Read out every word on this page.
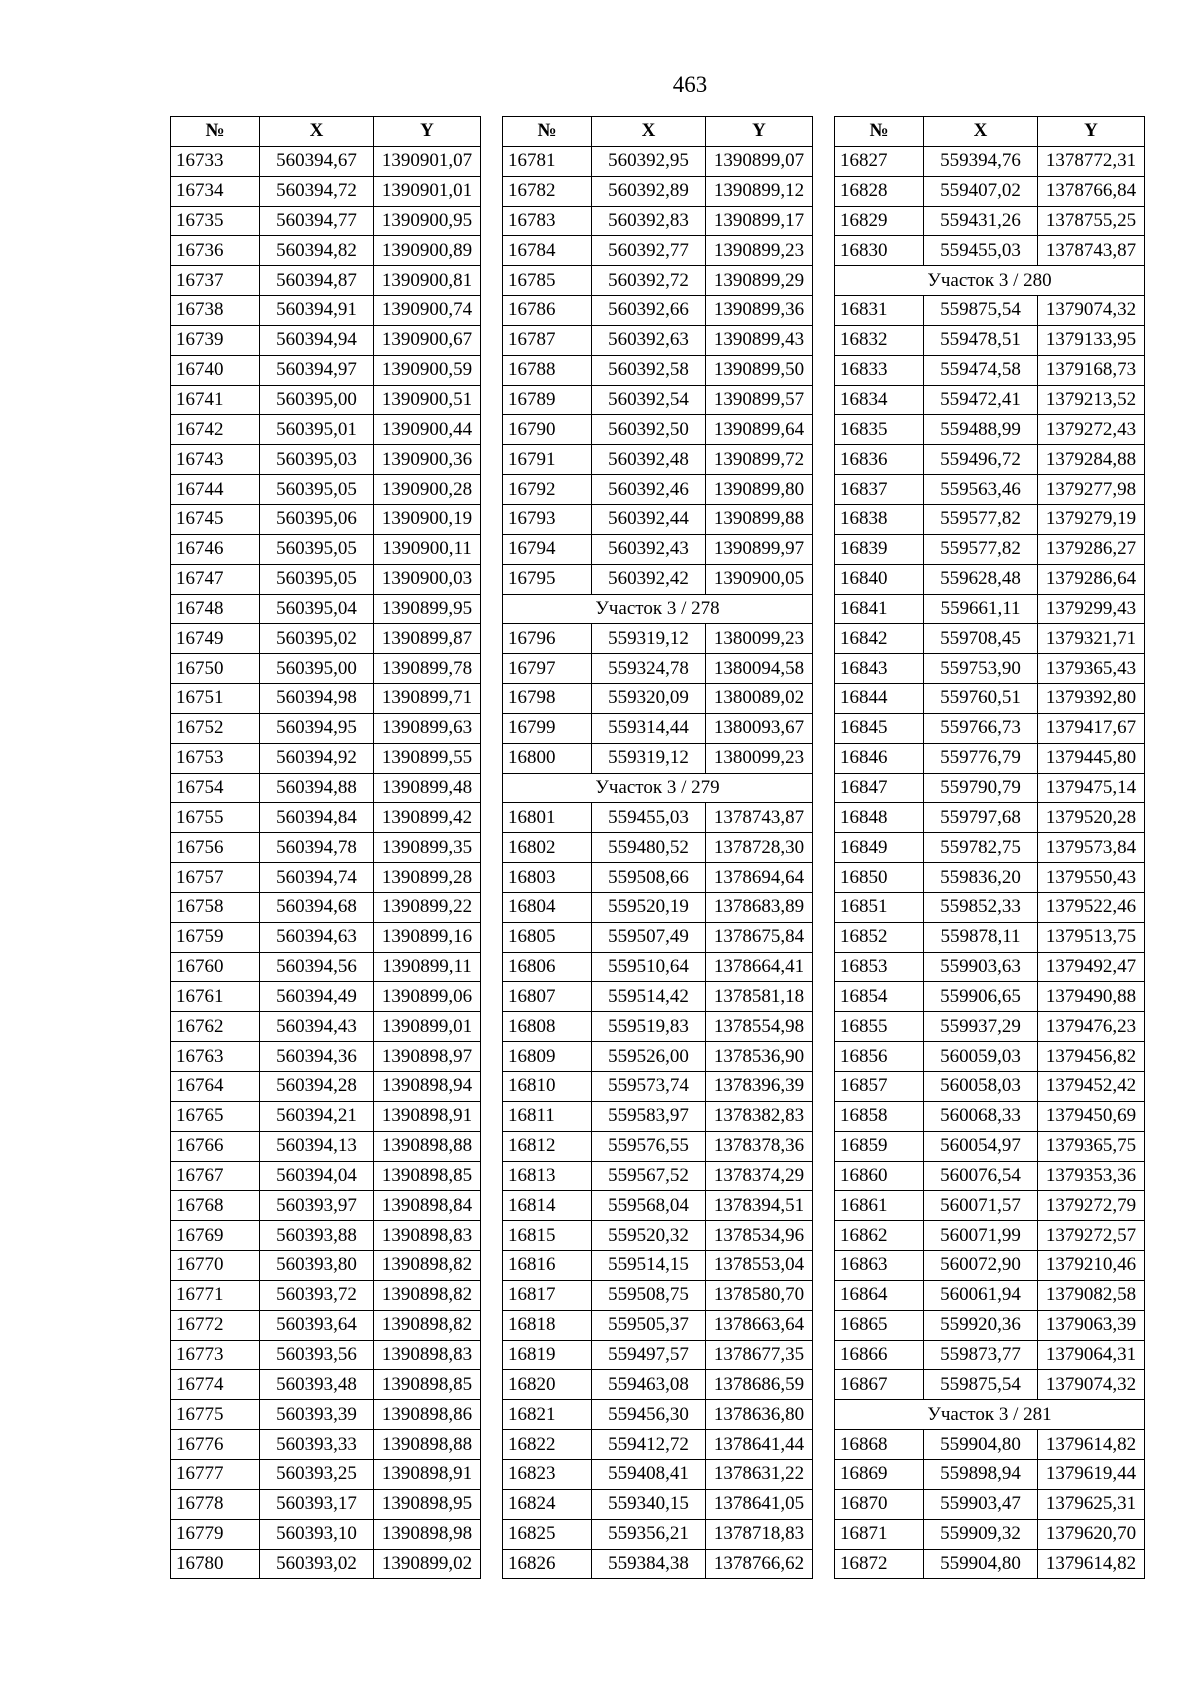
463
№	X	Y
16733	560394,67	1390901,07
16734	560394,72	1390901,01
16735	560394,77	1390900,95
16736	560394,82	1390900,89
16737	560394,87	1390900,81
16738	560394,91	1390900,74
16739	560394,94	1390900,67
16740	560394,97	1390900,59
16741	560395,00	1390900,51
16742	560395,01	1390900,44
16743	560395,03	1390900,36
16744	560395,05	1390900,28
16745	560395,06	1390900,19
16746	560395,05	1390900,11
16747	560395,05	1390900,03
16748	560395,04	1390899,95
16749	560395,02	1390899,87
16750	560395,00	1390899,78
16751	560394,98	1390899,71
16752	560394,95	1390899,63
16753	560394,92	1390899,55
16754	560394,88	1390899,48
16755	560394,84	1390899,42
16756	560394,78	1390899,35
16757	560394,74	1390899,28
16758	560394,68	1390899,22
16759	560394,63	1390899,16
16760	560394,56	1390899,11
16761	560394,49	1390899,06
16762	560394,43	1390899,01
16763	560394,36	1390898,97
16764	560394,28	1390898,94
16765	560394,21	1390898,91
16766	560394,13	1390898,88
16767	560394,04	1390898,85
16768	560393,97	1390898,84
16769	560393,88	1390898,83
16770	560393,80	1390898,82
16771	560393,72	1390898,82
16772	560393,64	1390898,82
16773	560393,56	1390898,83
16774	560393,48	1390898,85
16775	560393,39	1390898,86
16776	560393,33	1390898,88
16777	560393,25	1390898,91
16778	560393,17	1390898,95
16779	560393,10	1390898,98
16780	560393,02	1390899,02
№	X	Y
16781	560392,95	1390899,07
16782	560392,89	1390899,12
16783	560392,83	1390899,17
16784	560392,77	1390899,23
16785	560392,72	1390899,29
16786	560392,66	1390899,36
16787	560392,63	1390899,43
16788	560392,58	1390899,50
16789	560392,54	1390899,57
16790	560392,50	1390899,64
16791	560392,48	1390899,72
16792	560392,46	1390899,80
16793	560392,44	1390899,88
16794	560392,43	1390899,97
16795	560392,42	1390900,05
Участок 3 / 278		
16796	559319,12	1380099,23
16797	559324,78	1380094,58
16798	559320,09	1380089,02
16799	559314,44	1380093,67
16800	559319,12	1380099,23
Участок 3 / 279		
16801	559455,03	1378743,87
16802	559480,52	1378728,30
16803	559508,66	1378694,64
16804	559520,19	1378683,89
16805	559507,49	1378675,84
16806	559510,64	1378664,41
16807	559514,42	1378581,18
16808	559519,83	1378554,98
16809	559526,00	1378536,90
16810	559573,74	1378396,39
16811	559583,97	1378382,83
16812	559576,55	1378378,36
16813	559567,52	1378374,29
16814	559568,04	1378394,51
16815	559520,32	1378534,96
16816	559514,15	1378553,04
16817	559508,75	1378580,70
16818	559505,37	1378663,64
16819	559497,57	1378677,35
16820	559463,08	1378686,59
16821	559456,30	1378636,80
16822	559412,72	1378641,44
16823	559408,41	1378631,22
16824	559340,15	1378641,05
16825	559356,21	1378718,83
16826	559384,38	1378766,62
№	X	Y
16827	559394,76	1378772,31
16828	559407,02	1378766,84
16829	559431,26	1378755,25
16830	559455,03	1378743,87
Участок 3 / 280		
16831	559875,54	1379074,32
16832	559478,51	1379133,95
16833	559474,58	1379168,73
16834	559472,41	1379213,52
16835	559488,99	1379272,43
16836	559496,72	1379284,88
16837	559563,46	1379277,98
16838	559577,82	1379279,19
16839	559577,82	1379286,27
16840	559628,48	1379286,64
16841	559661,11	1379299,43
16842	559708,45	1379321,71
16843	559753,90	1379365,43
16844	559760,51	1379392,80
16845	559766,73	1379417,67
16846	559776,79	1379445,80
16847	559790,79	1379475,14
16848	559797,68	1379520,28
16849	559782,75	1379573,84
16850	559836,20	1379550,43
16851	559852,33	1379522,46
16852	559878,11	1379513,75
16853	559903,63	1379492,47
16854	559906,65	1379490,88
16855	559937,29	1379476,23
16856	560059,03	1379456,82
16857	560058,03	1379452,42
16858	560068,33	1379450,69
16859	560054,97	1379365,75
16860	560076,54	1379353,36
16861	560071,57	1379272,79
16862	560071,99	1379272,57
16863	560072,90	1379210,46
16864	560061,94	1379082,58
16865	559920,36	1379063,39
16866	559873,77	1379064,31
16867	559875,54	1379074,32
Участок 3 / 281		
16868	559904,80	1379614,82
16869	559898,94	1379619,44
16870	559903,47	1379625,31
16871	559909,32	1379620,70
16872	559904,80	1379614,82
